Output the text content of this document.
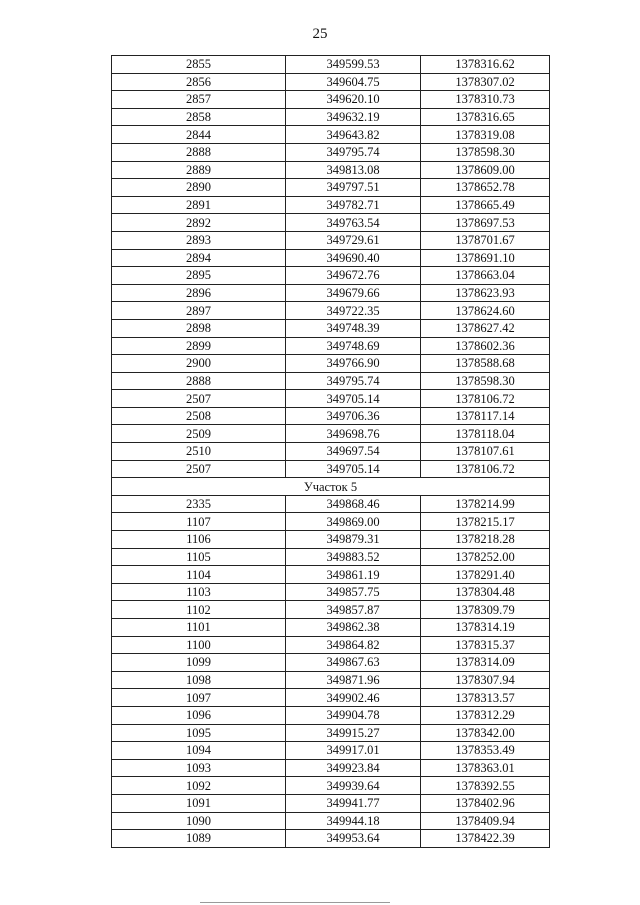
25
2855	349599.53	1378316.62
2856	349604.75	1378307.02
2857	349620.10	1378310.73
2858	349632.19	1378316.65
2844	349643.82	1378319.08
2888	349795.74	1378598.30
2889	349813.08	1378609.00
2890	349797.51	1378652.78
2891	349782.71	1378665.49
2892	349763.54	1378697.53
2893	349729.61	1378701.67
2894	349690.40	1378691.10
2895	349672.76	1378663.04
2896	349679.66	1378623.93
2897	349722.35	1378624.60
2898	349748.39	1378627.42
2899	349748.69	1378602.36
2900	349766.90	1378588.68
2888	349795.74	1378598.30
2507	349705.14	1378106.72
2508	349706.36	1378117.14
2509	349698.76	1378118.04
2510	349697.54	1378107.61
2507	349705.14	1378106.72
Участок 5		
2335	349868.46	1378214.99
1107	349869.00	1378215.17
1106	349879.31	1378218.28
1105	349883.52	1378252.00
1104	349861.19	1378291.40
1103	349857.75	1378304.48
1102	349857.87	1378309.79
1101	349862.38	1378314.19
1100	349864.82	1378315.37
1099	349867.63	1378314.09
1098	349871.96	1378307.94
1097	349902.46	1378313.57
1096	349904.78	1378312.29
1095	349915.27	1378342.00
1094	349917.01	1378353.49
1093	349923.84	1378363.01
1092	349939.64	1378392.55
1091	349941.77	1378402.96
1090	349944.18	1378409.94
1089	349953.64	1378422.39
